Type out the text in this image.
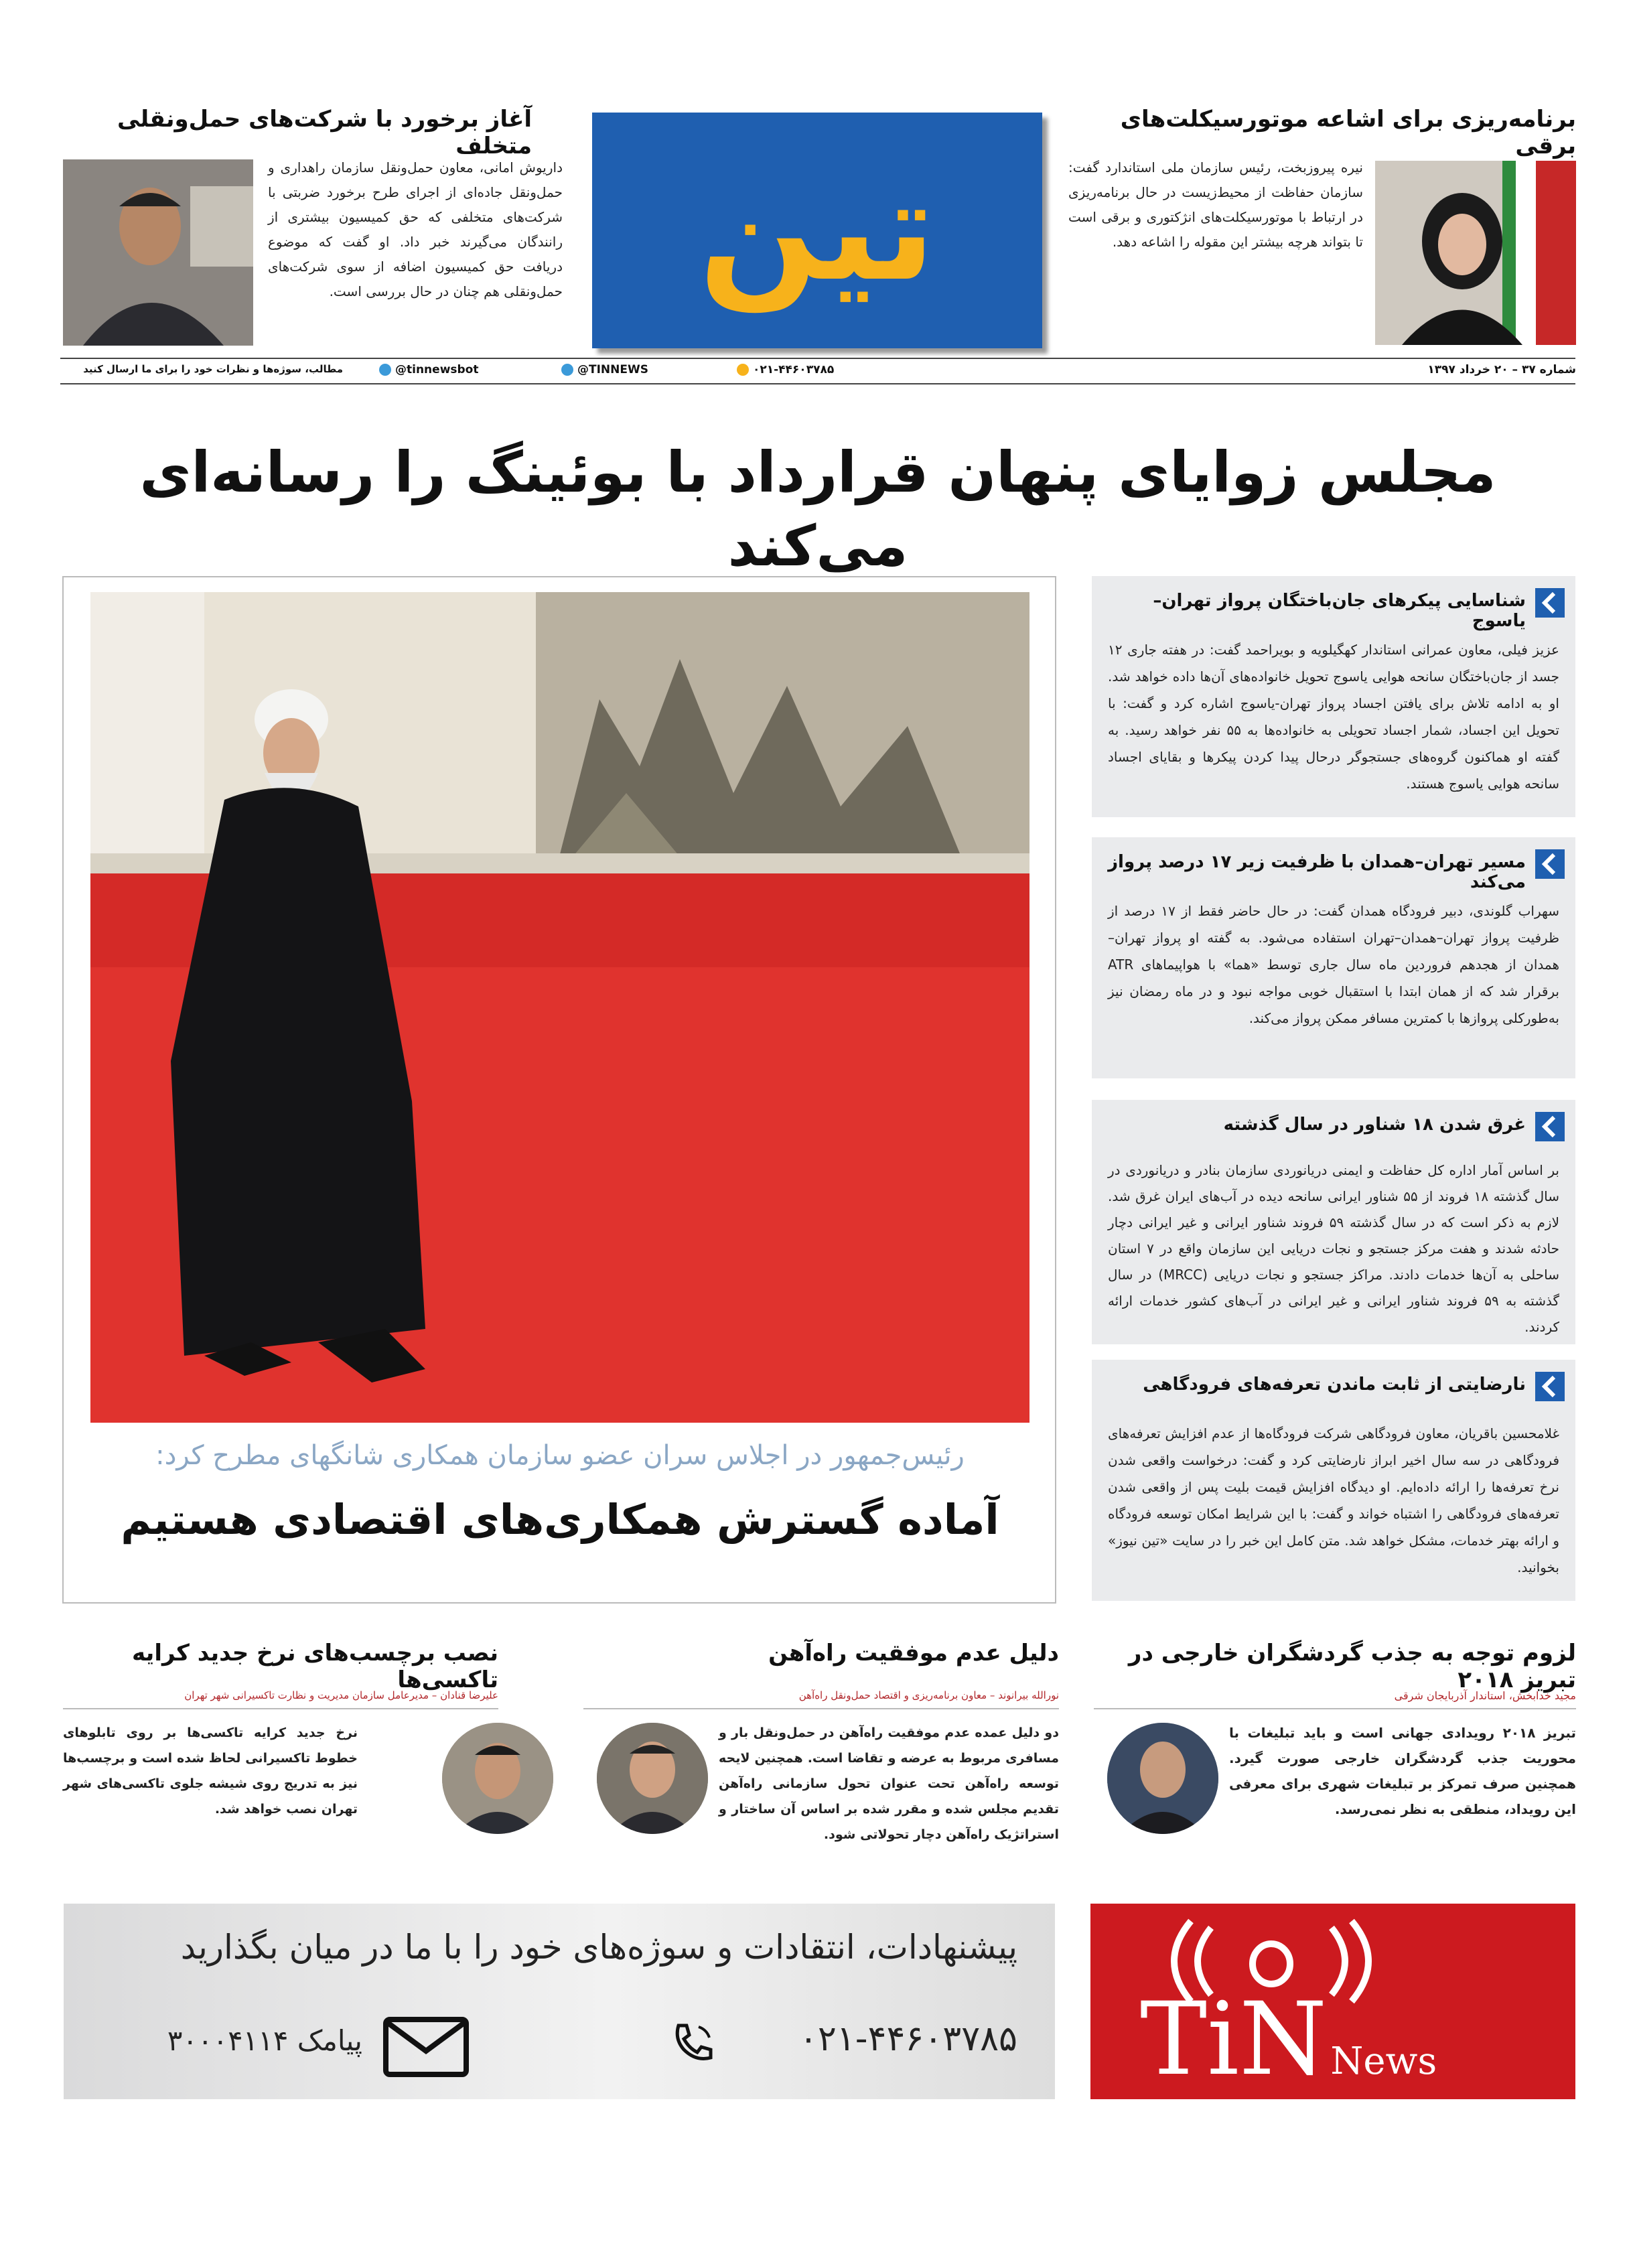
برنامه‌ریزی برای اشاعه موتورسیکلت‌های برقی
نیره پیروزبخت، رئیس سازمان ملی استاندارد گفت: سازمان حفاظت از محیط‌زیست در حال برنامه‌ریزی در ارتباط با موتورسیکلت‌های انژکتوری و برقی است تا بتواند هرچه بیشتر این مقوله را اشاعه دهد.
تین
آغاز برخورد با شرکت‌های حمل‌ونقلی متخلف
داریوش امانی، معاون حمل‌ونقل سازمان راهداری و حمل‌ونقل جاده‌ای از اجرای طرح برخورد ضربتی با شرکت‌های متخلفی که حق کمیسیون بیشتری از رانندگان می‌گیرند خبر داد. او گفت که موضوع دریافت حق کمیسیون اضافه از سوی شرکت‌های حمل‌ونقلی هم چنان در حال بررسی است.
شماره ۳۷ – ۲۰ خرداد ۱۳۹۷
۰۲۱-۴۴۶۰۳۷۸۵
@TINNEWS
@tinnewsbot
مطالب، سوژه‌ها و نظرات خود را برای ما ارسال کنید
مجلس زوایای پنهان قرارداد با بوئینگ را رسانه‌ای می‌کند
رئیس‌جمهور در اجلاس سران عضو سازمان همکاری شانگهای مطرح کرد:
آماده گسترش همکاری‌های اقتصادی هستیم
شناسایی پیکرهای جان‌باختگان پرواز تهران–یاسوج
عزیز فیلی، معاون عمرانی استاندار کهگیلویه و بویراحمد گفت: در هفته جاری ۱۲ جسد از جان‌باختگان سانحه هوایی یاسوج تحویل خانواده‌های آن‌ها داده خواهد شد. او به ادامه تلاش برای یافتن اجساد پرواز تهران-یاسوج اشاره کرد و گفت: با تحویل این اجساد، شمار اجساد تحویلی به خانواده‌ها به ۵۵ نفر خواهد رسید. به گفته او هماکنون گروه‌های جستجوگر درحال پیدا کردن پیکرها و بقایای اجساد سانحه هوایی یاسوج هستند.
مسیر تهران–همدان با ظرفیت زیر ۱۷ درصد پرواز می‌کند
سهراب گلوندی، دبیر فرودگاه همدان گفت: در حال حاضر فقط از ۱۷ درصد از ظرفیت پرواز تهران–همدان–تهران استفاده می‌شود. به گفته او پرواز تهران–همدان از هجدهم فروردین ماه سال جاری توسط «هما» با هواپیماهای ATR برقرار شد که از همان ابتدا با استقبال خوبی مواجه نبود و در ماه رمضان نیز به‌طورکلی پروازها با کمترین مسافر ممکن پرواز می‌کند.
غرق شدن ۱۸ شناور در سال گذشته
بر اساس آمار اداره کل حفاظت و ایمنی دریانوردی سازمان بنادر و دریانوردی در سال گذشته ۱۸ فروند از ۵۵ شناور ایرانی سانحه دیده در آب‌های ایران غرق شد. لازم به ذکر است که در سال گذشته ۵۹ فروند شناور ایرانی و غیر ایرانی دچار حادثه شدند و هفت مرکز جستجو و نجات دریایی این سازمان واقع در ۷ استان ساحلی به آن‌ها خدمات دادند. مراکز جستجو و نجات دریایی (MRCC) در سال گذشته به ۵۹ فروند شناور ایرانی و غیر ایرانی در آب‌های کشور خدمات ارائه کردند.
نارضایتی از ثابت ماندن تعرفه‌های فرودگاهی
غلامحسین باقریان، معاون فرودگاهی شرکت فرودگاه‌ها از عدم افزایش تعرفه‌های فرودگاهی در سه سال اخیر ابراز نارضایتی کرد و گفت: درخواست واقعی شدن نرخ تعرفه‌ها را ارائه داده‌ایم. او دیدگاه افزایش قیمت بلیت پس از واقعی شدن تعرفه‌های فرودگاهی را اشتباه خواند و گفت: با این شرایط امکان توسعه فرودگاه و ارائه بهتر خدمات، مشکل خواهد شد. متن کامل این خبر را در سایت «تین نیوز» بخوانید.
لزوم توجه به جذب گردشگران خارجی در تبریز ۲۰۱۸
مجید خدابخش، استاندار آذربایجان شرقی
تبریز ۲۰۱۸ رویدادی جهانی است و باید تبلیغات با محوریت جذب گردشگران خارجی صورت گیرد. همچنین صرف تمرکز بر تبلیغات شهری برای معرفی این رویداد، منطقی به نظر نمی‌رسد.
دلیل عدم موفقیت راه‌آهن
نورالله بیرانوند – معاون برنامه‌ریزی و اقتصاد حمل‌ونقل راه‌آهن
دو دلیل عمده عدم موفقیت راه‌آهن در حمل‌ونقل بار و مسافری مربوط به عرضه و تقاضا است. همچنین لایحه توسعه راه‌آهن تحت عنوان تحول سازمانی راه‌آهن تقدیم مجلس شده و مقرر شده بر اساس آن ساختار و استراتژیک راه‌آهن دچار تحولاتی شود.
نصب برچسب‌های نرخ جدید کرایه تاکسی‌ها
علیرضا قنادان – مدیرعامل سازمان مدیریت و نظارت تاکسیرانی شهر تهران
نرخ جدید کرایه تاکسی‌ها بر روی تابلوهای خطوط تاکسیرانی لحاظ شده است و برچسب‌ها نیز به تدریج روی شیشه جلوی تاکسی‌های شهر تهران نصب خواهد شد.
پیشنهادات، انتقادات و سوژه‌های خود را با ما در میان بگذارید
۰۲۱-۴۴۶۰۳۷۸۵
پیامک ۳۰۰۰۴۱۱۴	TiN News
